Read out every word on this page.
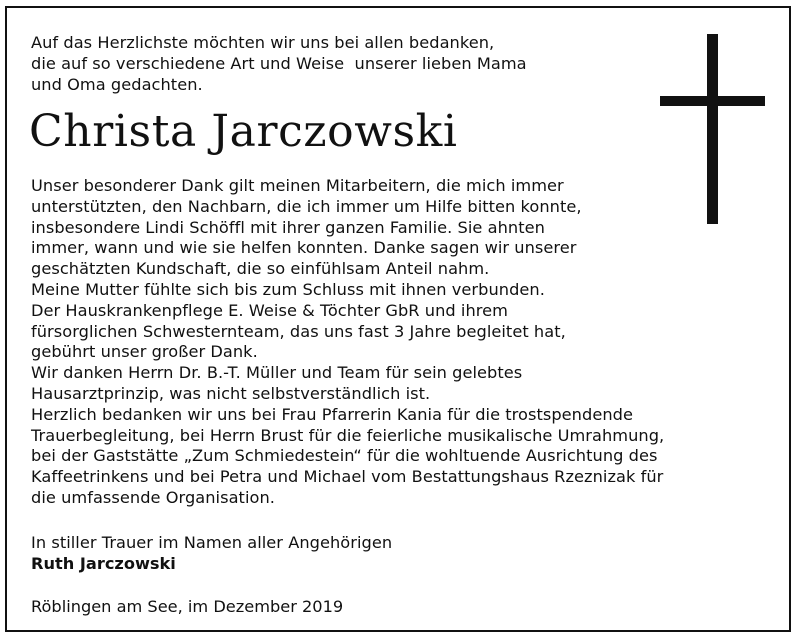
Auf das Herzlichste möchten wir uns bei allen bedanken,
die auf so verschiedene Art und Weise  unserer lieben Mama
und Oma gedachten.
Christa Jarczowski
Unser besonderer Dank gilt meinen Mitarbeitern, die mich immer
unterstützten, den Nachbarn, die ich immer um Hilfe bitten konnte,
insbesondere Lindi Schöffl mit ihrer ganzen Familie. Sie ahnten
immer, wann und wie sie helfen konnten. Danke sagen wir unserer
geschätzten Kundschaft, die so einfühlsam Anteil nahm.
Meine Mutter fühlte sich bis zum Schluss mit ihnen verbunden.
Der Hauskrankenpflege E. Weise & Töchter GbR und ihrem
fürsorglichen Schwesternteam, das uns fast 3 Jahre begleitet hat,
gebührt unser großer Dank.
Wir danken Herrn Dr. B.-T. Müller und Team für sein gelebtes
Hausarztprinzip, was nicht selbstverständlich ist.
Herzlich bedanken wir uns bei Frau Pfarrerin Kania für die trostspendende
Trauerbegleitung, bei Herrn Brust für die feierliche musikalische Umrahmung,
bei der Gaststätte „Zum Schmiedestein“ für die wohltuende Ausrichtung des
Kaffeetrinkens und bei Petra und Michael vom Bestattungshaus Rzeznizak für
die umfassende Organisation.
In stiller Trauer im Namen aller Angehörigen
Ruth Jarczowski
Röblingen am See, im Dezember 2019
